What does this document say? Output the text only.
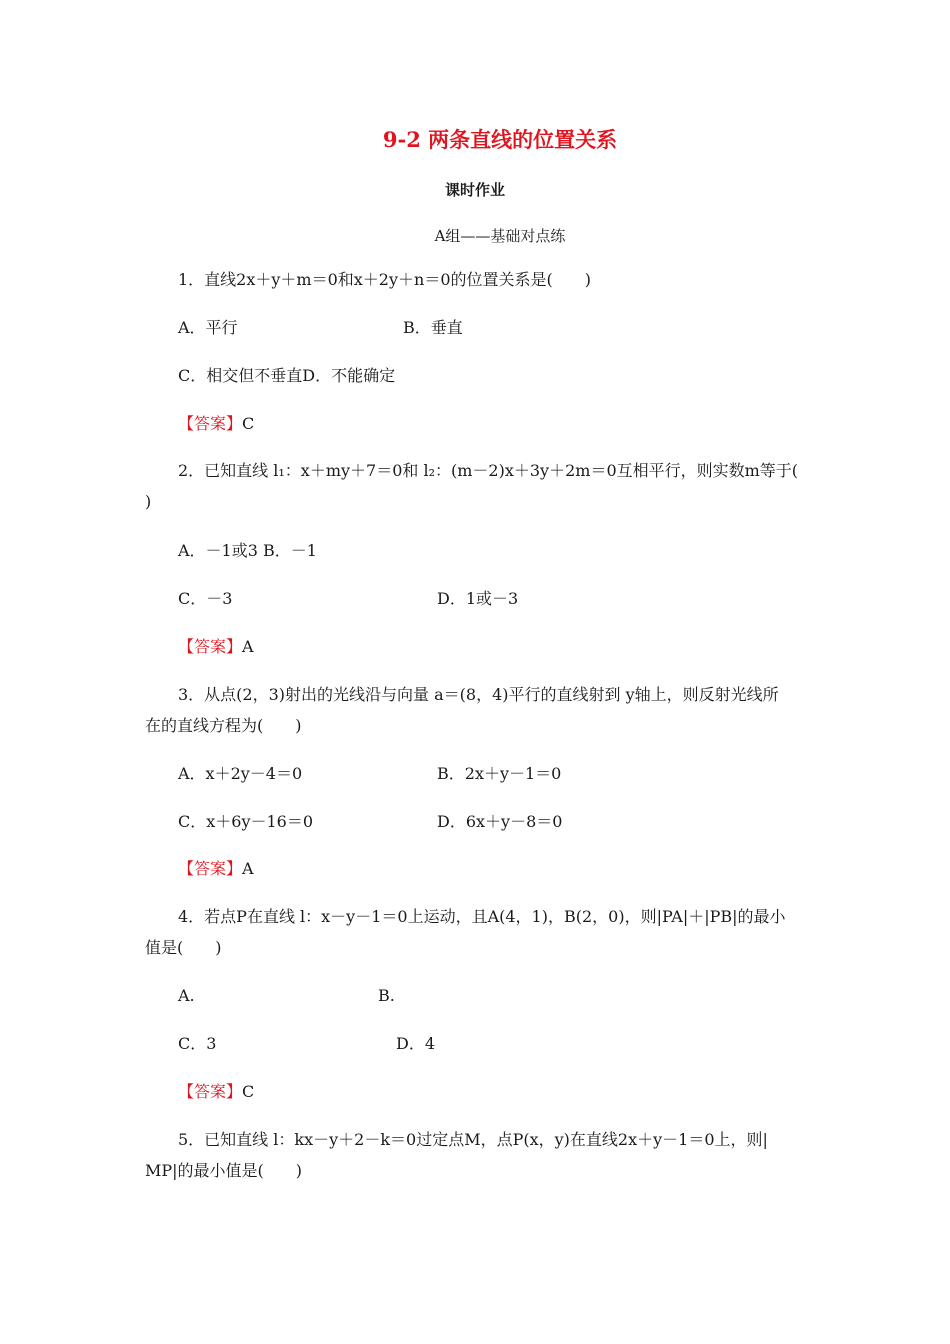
9-2 两条直线的位置关系
课时作业
A组——基础对点练
1．直线2x＋y＋m＝0和x＋2y＋n＝0的位置关系是(　　)
A．平行	B．垂直
C．相交但不垂直D．不能确定
【答案】C
2．已知直线 l₁：x＋my＋7＝0和 l₂：(m－2)x＋3y＋2m＝0互相平行，则实数m等于(
)
A．－1或3 B．－1
C．－3	D．1或－3
【答案】A
3．从点(2，3)射出的光线沿与向量 a＝(8，4)平行的直线射到 y轴上，则反射光线所
在的直线方程为(　　)
A．x＋2y－4＝0	B．2x＋y－1＝0
C．x＋6y－16＝0	D．6x＋y－8＝0
【答案】A
4．若点P在直线 l：x－y－1＝0上运动，且A(4，1)，B(2，0)，则|PA|＋|PB|的最小
值是(　　)
A.	B.
C．3	D．4
【答案】C
5．已知直线 l：kx－y＋2－k＝0过定点M，点P(x，y)在直线2x＋y－1＝0上，则|
MP|的最小值是(　　)
